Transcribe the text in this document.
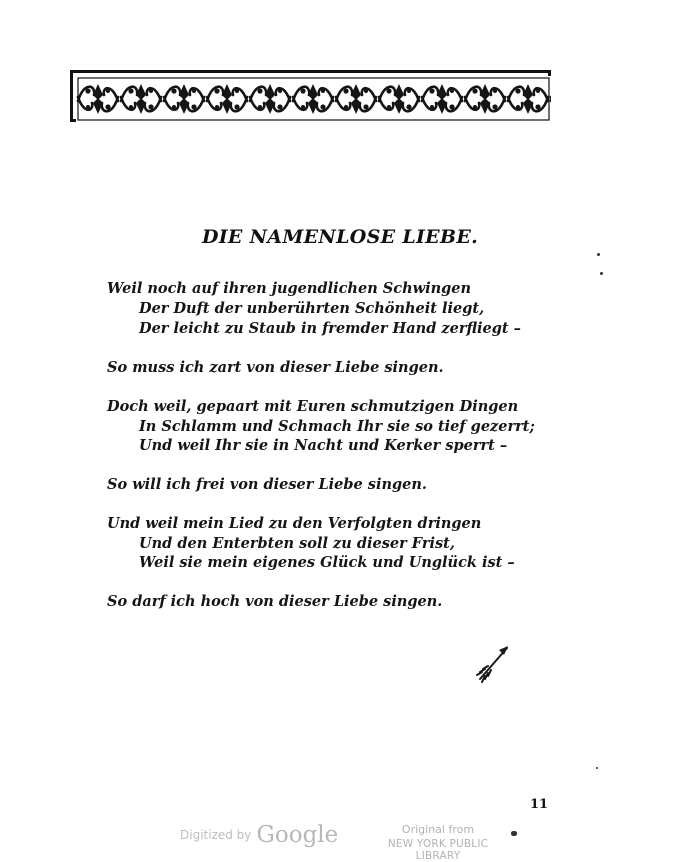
DIE NAMENLOSE LIEBE.
Weil noch auf ihren jugendlichen Schwingen
Der Duft der unberührten Schönheit liegt,
Der leicht zu Staub in fremder Hand zerfliegt –
So muss ich zart von dieser Liebe singen.
Doch weil, gepaart mit Euren schmutzigen Dingen
In Schlamm und Schmach Ihr sie so tief gezerrt;
Und weil Ihr sie in Nacht und Kerker sperrt –
So will ich frei von dieser Liebe singen.
Und weil mein Lied zu den Verfolgten dringen
Und den Enterbten soll zu dieser Frist,
Weil sie mein eigenes Glück und Unglück ist –
So darf ich hoch von dieser Liebe singen.
11
Digitized by Google	Original from
NEW YORK PUBLIC LIBRARY
